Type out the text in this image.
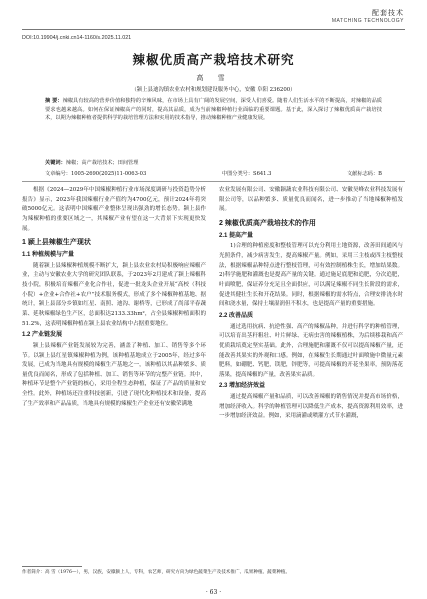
配套技术
MATCHING TECHNOLOGY
DOI:10.19904/j.cnki.cn14-1160/s.2025.11.021
辣椒优质高产栽培技术研究
高 雪
（颍上县迪沟镇农业农村和规划建设服务中心，安徽 阜阳 236200）
摘 要：辣椒具有较高的营养价值和独特的辛辣风味，在市场上具有广阔的发展空间，深受人们喜爱。随着人们生活水平的不断提高，对辣椒的品质要求也越来越高。如何在保证辣椒高产的同时，提高其品质，成为当前辣椒种植行业面临的重要课题。基于此，深入探讨了辣椒优质高产栽培技术，以期为辣椒种植者提供科学的栽培管理方法和实用的技术指导，推动辣椒种植产业健康发展。
关键词：辣椒；高产栽培技术；田间管理
文章编号：1005-2690(2025)11-0063-03	中图分类号：S641.3	文献标志码：B

根据《2024—2029年中国辣椒种植行业市场深度调研与投资趋势分析报告》显示，2023年我国辣椒行业产值约为4700亿元，预计2024年将突破5000亿元。这表明中国辣椒产业整体呈现出强劲的增长态势。颍上县作为辣椒种植的重要区域之一，其辣椒产业有望在这一大背景下实现更快发展。

1 颍上县辣椒生产现状

1.1 种植规模与产量

随着颍上县辣椒种植规模不断扩大，颍上县农业农村局积极响应辣椒产业，主动与安徽农业大学的研究团队联系，于2023年2月建成了颍上辣椒科技小院，积极培育辣椒产业化合作社，促进一批龙头企业开展“高校（科技小院）+企业+合作社+农户”技术服务模式，形成了多个辣椒种植基地、据统计，颍上县部分乡镇如红星、南照、迪沟、谢桥等，已形成了尚部平春蔬菜、延秋辣椒绿色生产区，总面积达2133.33hm²，占全县辣椒种植面积的51.2%，这表明辣椒种植在颍上县农业结构中占据重要地位。

1.2 产业链发展

颍上县辣椒产业链发展较为完善，涵盖了种植、加工、销售等多个环节。以颍上县红星镇辣椒种植为例，该种植基地成立于2005年，经过多年发展，已成为当地具有规模的辣椒生产基地之一，该种植以其品种繁多、质量优良而闻名，形成了包括种植、加工、销售等环节的完整产业链。其中，种植环节是整个产业链的核心，采用全程生态种植，保证了产品的质量和安全性。此外，种植场还注重科技创新，引进了现代化种植技术和设备，提高了生产效率和产品品质，当地具有规模的辣椒生产企业还有安徽荣满地

农业发展有限公司、安徽颖蔬农业科技有限公司、安徽昊峰农业科技发展有限公司等，以品种繁多、质量优良而闻名，进一步推动了当地辣椒种植发展。

2 辣椒优质高产栽培技术的作用

2.1 提高产量

1)合理的种植密度和整枝管理可以充分利用土地资源，改善田间通风与光照条件，减少病害发生，提高辣椒产量。例如，采用三主枝或四主枝整枝法，根据辣椒品种特点进行整枝管理，可有效控制植株生长，增加结果数。2)科学施肥和灌溉也是提高产量的关键。通过施足底肥和追肥，分次追肥，叶面喷肥，保证养分充足且全面供应，可以满足辣椒不同生长阶段的需求，促进其健壮生长和开花结果。同时，根据辣椒的需水特点，合理安排浇水时间和浇水量，保持土壤湿润但不积水，也是提高产量的重要措施。

2.2 改善品质

通过选用抗病、抗逆性强、高产的辣椒品种，并进行科学的种植管理，可以培育出茎秆粗壮、叶片鲜绿、无病虫害的辣椒植株，为后续移栽和高产优质栽培奠定坚实基础。此外，合理施肥和灌溉不仅可以提高辣椒产量，还能改善其果实的外观和口感。例如，在辣椒生长期通过叶面喷施中微量元素肥料，如硼肥、钙肥，镁肥，锌肥等，可提高辣椒的开花坐果率，预防落花落果，提高辣椒的产量，改善果实品质。

2.3 增加经济效益

通过提高辣椒产量和品质，可以改善辣椒的销售情况并提高市场价格，增加经济收入。科学的种植管理可以降低生产成本，提高资源利用效率，进一步增加经济效益。例如，采用滴灌或喷灌方式节水灌溉，

作者简介：高 雪（1976—），男，汉族，安徽颍上人，专科，农艺师，研究方向为绿色蔬菜生产及技术推广、瓜果种植、蔬菜种植。
· 63 ·
